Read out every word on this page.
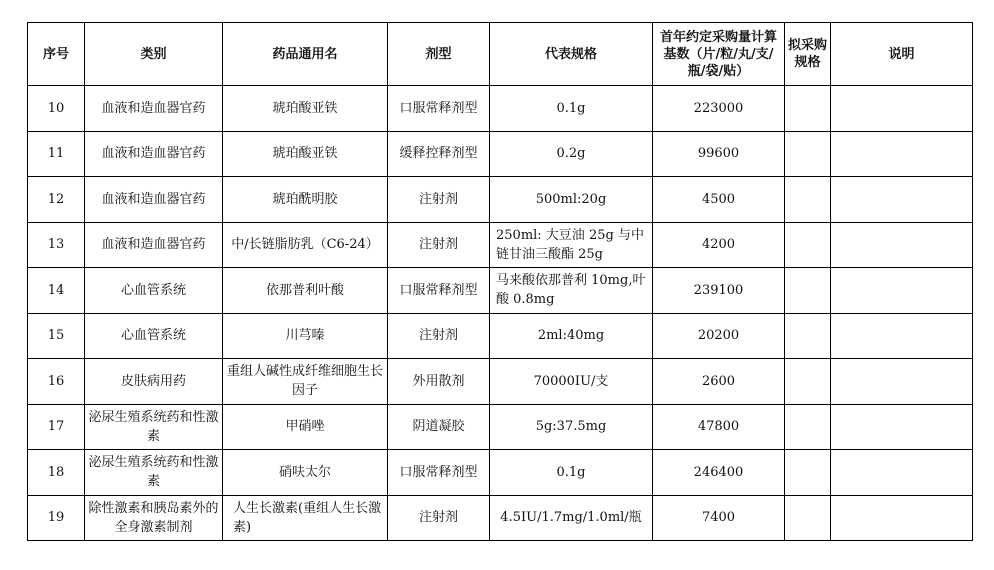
序号	类别	药品通用名	剂型	代表规格	首年约定采购量计算基数（片/粒/丸/支/瓶/袋/贴）	拟采购规格	说明
10	血液和造血器官药	琥珀酸亚铁	口服常释剂型	0.1g	223000		
11	血液和造血器官药	琥珀酸亚铁	缓释控释剂型	0.2g	99600		
12	血液和造血器官药	琥珀酰明胶	注射剂	500ml:20g	4500		
13	血液和造血器官药	中/长链脂肪乳（C6-24）	注射剂	250ml: 大豆油 25g 与中链甘油三酸酯 25g	4200		
14	心血管系统	依那普利叶酸	口服常释剂型	马来酸依那普利 10mg,叶酸 0.8mg	239100		
15	心血管系统	川芎嗪	注射剂	2ml:40mg	20200		
16	皮肤病用药	重组人碱性成纤维细胞生长因子	外用散剂	70000IU/支	2600		
17	泌尿生殖系统药和性激素	甲硝唑	阴道凝胶	5g:37.5mg	47800		
18	泌尿生殖系统药和性激素	硝呋太尔	口服常释剂型	0.1g	246400		
19	除性激素和胰岛素外的全身激素制剂	人生长激素(重组人生长激素)	注射剂	4.5IU/1.7mg/1.0ml/瓶	7400		
